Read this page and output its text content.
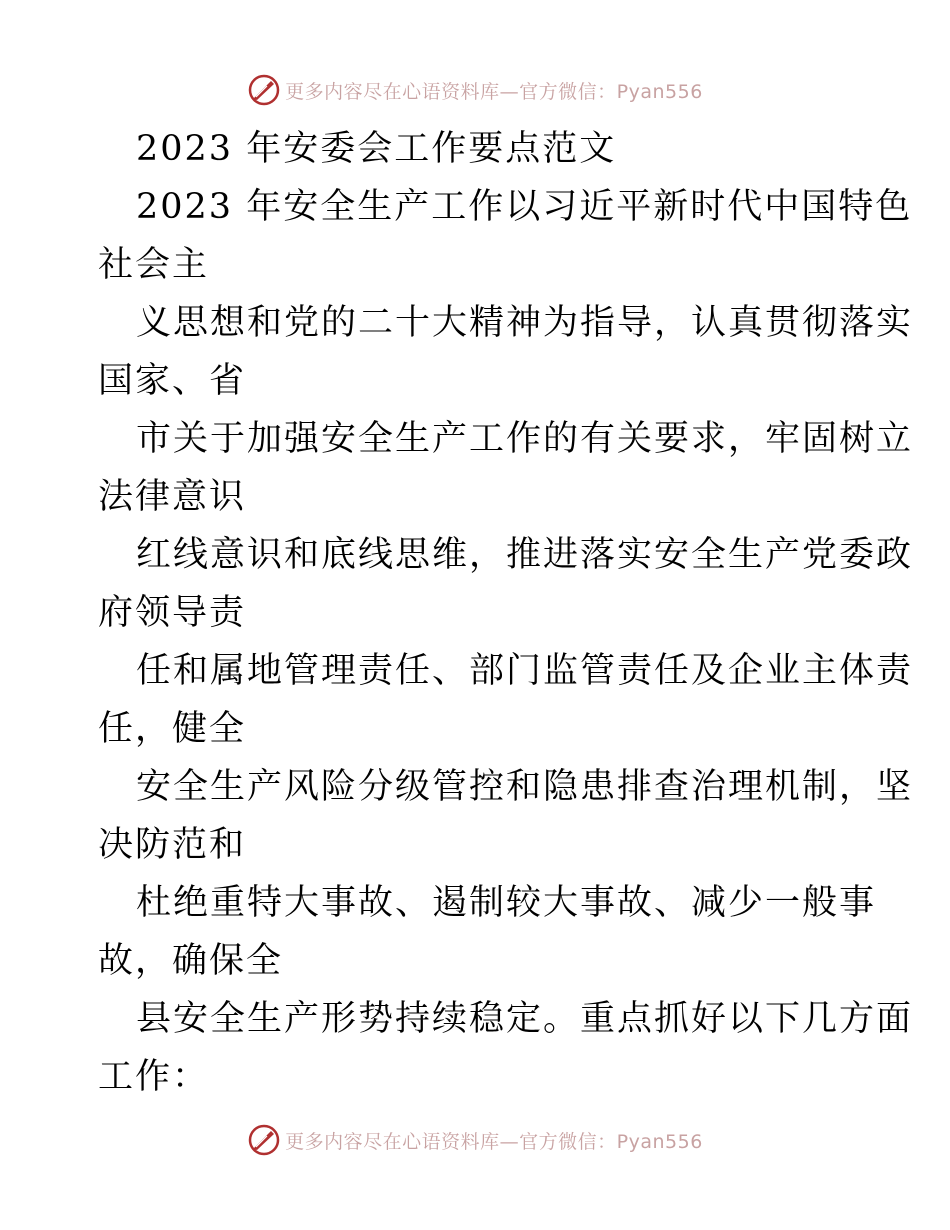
更多内容尽在心语资料库—官方微信：Pyan556
2023 年安委会工作要点范文
2023 年安全生产工作以习近平新时代中国特色
社会主
义思想和党的二十大精神为指导，认真贯彻落实
国家、省
市关于加强安全生产工作的有关要求，牢固树立
法律意识
红线意识和底线思维，推进落实安全生产党委政
府领导责
任和属地管理责任、部门监管责任及企业主体责
任，健全
安全生产风险分级管控和隐患排查治理机制，坚
决防范和
杜绝重特大事故、遏制较大事故、减少一般事
故，确保全
县安全生产形势持续稳定。重点抓好以下几方面
工作：
更多内容尽在心语资料库—官方微信：Pyan556
